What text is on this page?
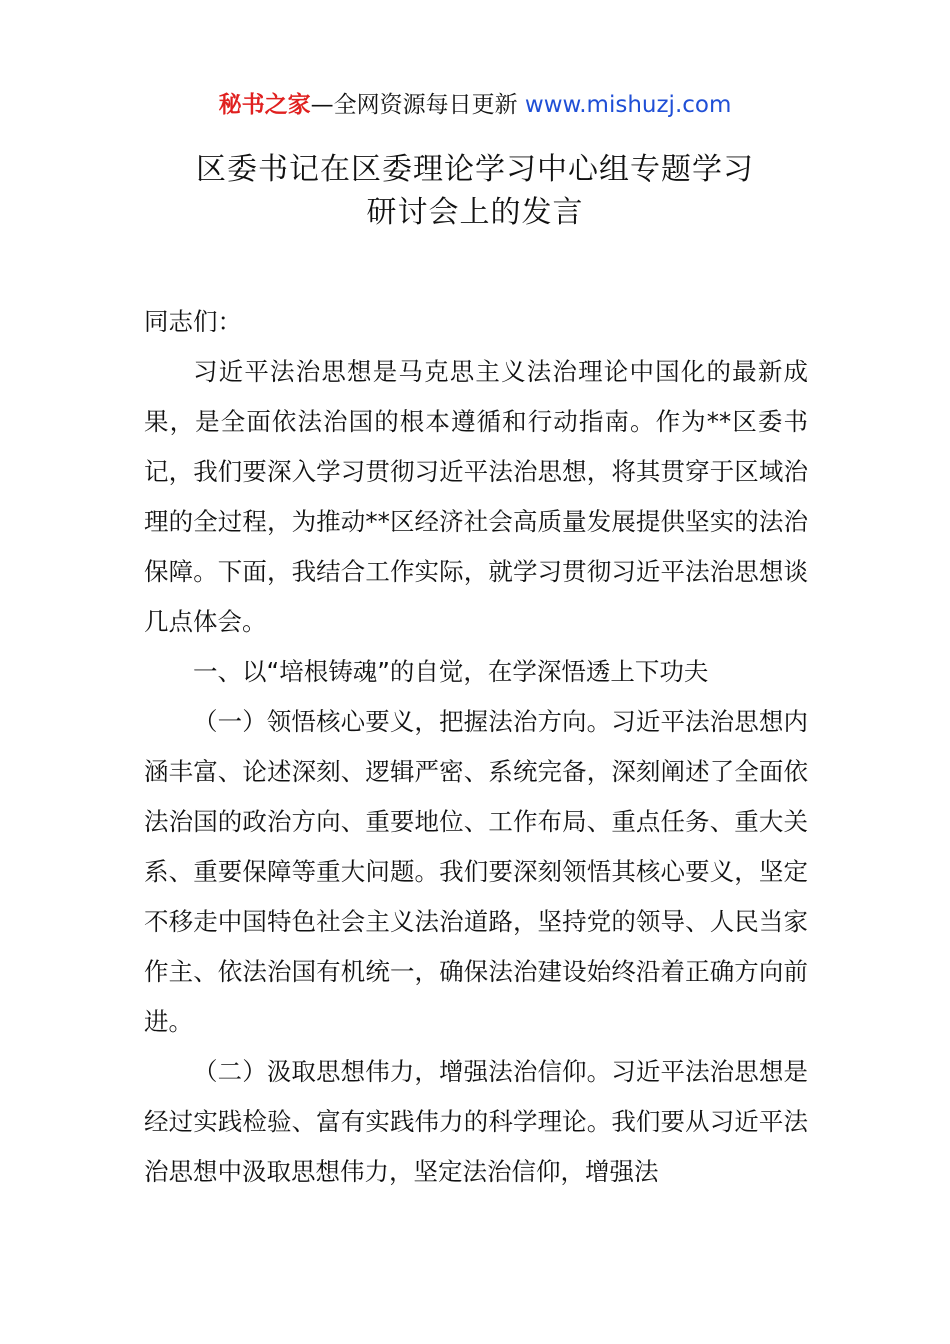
秘书之家—全网资源每日更新 www.mishuzj.com
区委书记在区委理论学习中心组专题学习
研讨会上的发言

同志们：

习近平法治思想是马克思主义法治理论中国化的最新成果，是全面依法治国的根本遵循和行动指南。作为**区委书记，我们要深入学习贯彻习近平法治思想，将其贯穿于区域治理的全过程，为推动**区经济社会高质量发展提供坚实的法治保障。下面，我结合工作实际，就学习贯彻习近平法治思想谈几点体会。

一、以“培根铸魂”的自觉，在学深悟透上下功夫

（一）领悟核心要义，把握法治方向。习近平法治思想内涵丰富、论述深刻、逻辑严密、系统完备，深刻阐述了全面依法治国的政治方向、重要地位、工作布局、重点任务、重大关系、重要保障等重大问题。我们要深刻领悟其核心要义，坚定不移走中国特色社会主义法治道路，坚持党的领导、人民当家作主、依法治国有机统一，确保法治建设始终沿着正确方向前进。

（二）汲取思想伟力，增强法治信仰。习近平法治思想是经过实践检验、富有实践伟力的科学理论。我们要从习近平法治思想中汲取思想伟力，坚定法治信仰，增强法
